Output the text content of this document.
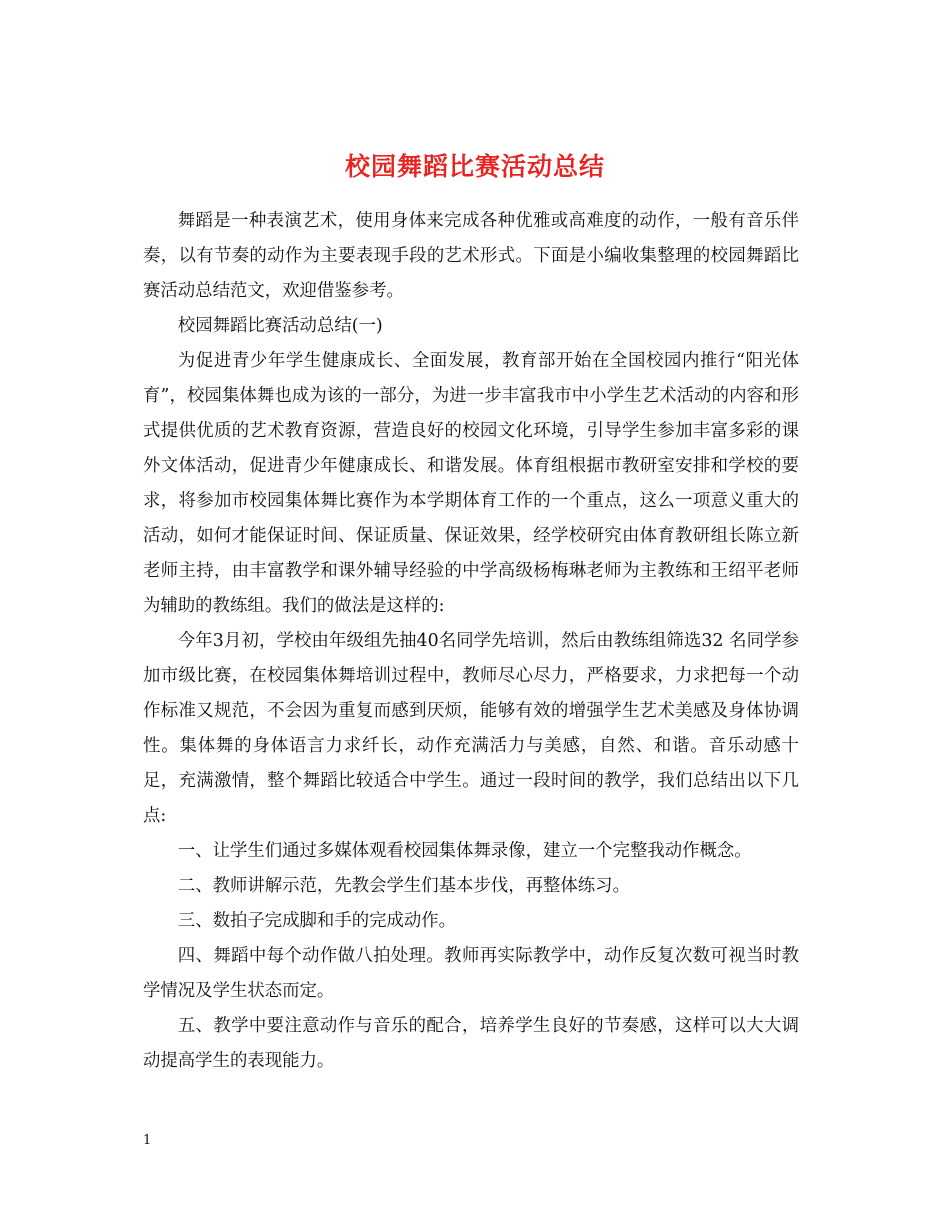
校园舞蹈比赛活动总结

舞蹈是一种表演艺术，使用身体来完成各种优雅或高难度的动作，一般有音乐伴奏，以有节奏的动作为主要表现手段的艺术形式。下面是小编收集整理的校园舞蹈比赛活动总结范文，欢迎借鉴参考。

校园舞蹈比赛活动总结(一)

为促进青少年学生健康成长、全面发展，教育部开始在全国校园内推行“阳光体育”，校园集体舞也成为该的一部分，为进一步丰富我市中小学生艺术活动的内容和形式提供优质的艺术教育资源，营造良好的校园文化环境，引导学生参加丰富多彩的课外文体活动，促进青少年健康成长、和谐发展。体育组根据市教研室安排和学校的要求，将参加市校园集体舞比赛作为本学期体育工作的一个重点，这么一项意义重大的活动，如何才能保证时间、保证质量、保证效果，经学校研究由体育教研组长陈立新老师主持，由丰富教学和课外辅导经验的中学高级杨梅琳老师为主教练和王绍平老师为辅助的教练组。我们的做法是这样的:

今年3月初，学校由年级组先抽40名同学先培训，然后由教练组筛选32 名同学参加市级比赛，在校园集体舞培训过程中，教师尽心尽力，严格要求，力求把每一个动作标准又规范，不会因为重复而感到厌烦，能够有效的增强学生艺术美感及身体协调性。集体舞的身体语言力求纤长，动作充满活力与美感，自然、和谐。音乐动感十足，充满激情，整个舞蹈比较适合中学生。通过一段时间的教学，我们总结出以下几点:

一、让学生们通过多媒体观看校园集体舞录像，建立一个完整我动作概念。

二、教师讲解示范，先教会学生们基本步伐，再整体练习。

三、数拍子完成脚和手的完成动作。

四、舞蹈中每个动作做八拍处理。教师再实际教学中，动作反复次数可视当时教学情况及学生状态而定。

五、教学中要注意动作与音乐的配合，培养学生良好的节奏感，这样可以大大调动提高学生的表现能力。

1
